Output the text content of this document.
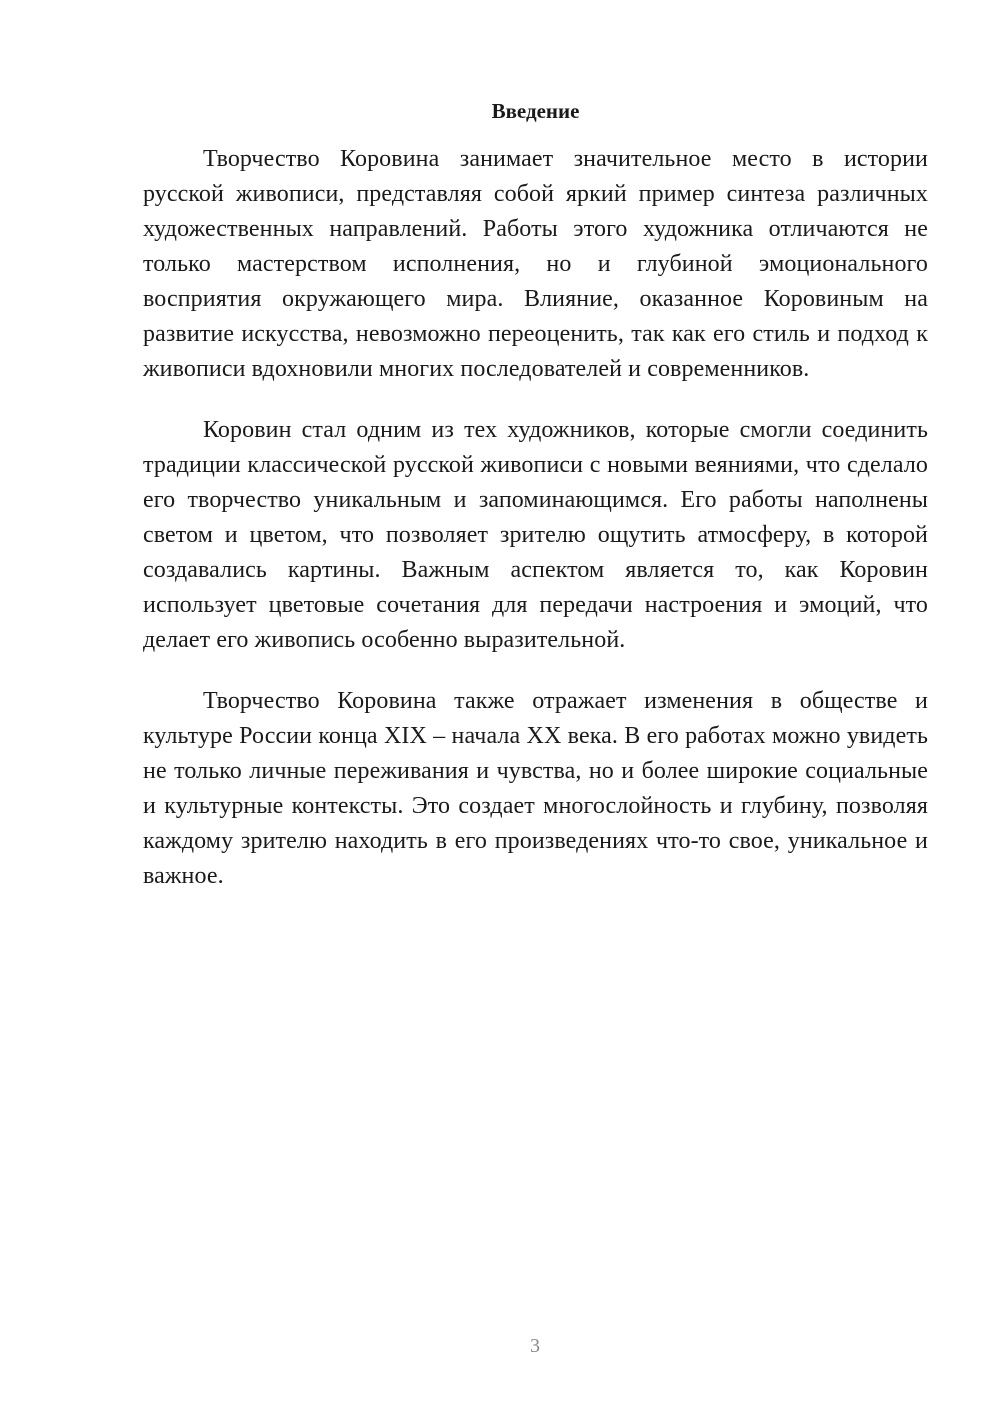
Введение

Творчество Коровина занимает значительное место в истории русской живописи, представляя собой яркий пример синтеза различных художественных направлений. Работы этого художника отличаются не только мастерством исполнения, но и глубиной эмоционального восприятия окружающего мира. Влияние, оказанное Коровиным на развитие искусства, невозможно переоценить, так как его стиль и подход к живописи вдохновили многих последователей и современников.

Коровин стал одним из тех художников, которые смогли соединить традиции классической русской живописи с новыми веяниями, что сделало его творчество уникальным и запоминающимся. Его работы наполнены светом и цветом, что позволяет зрителю ощутить атмосферу, в которой создавались картины. Важным аспектом является то, как Коровин использует цветовые сочетания для передачи настроения и эмоций, что делает его живопись особенно выразительной.

Творчество Коровина также отражает изменения в обществе и культуре России конца XIX – начала XX века. В его работах можно увидеть не только личные переживания и чувства, но и более широкие социальные и культурные контексты. Это создает многослойность и глубину, позволяя каждому зрителю находить в его произведениях что-то свое, уникальное и важное.

3
